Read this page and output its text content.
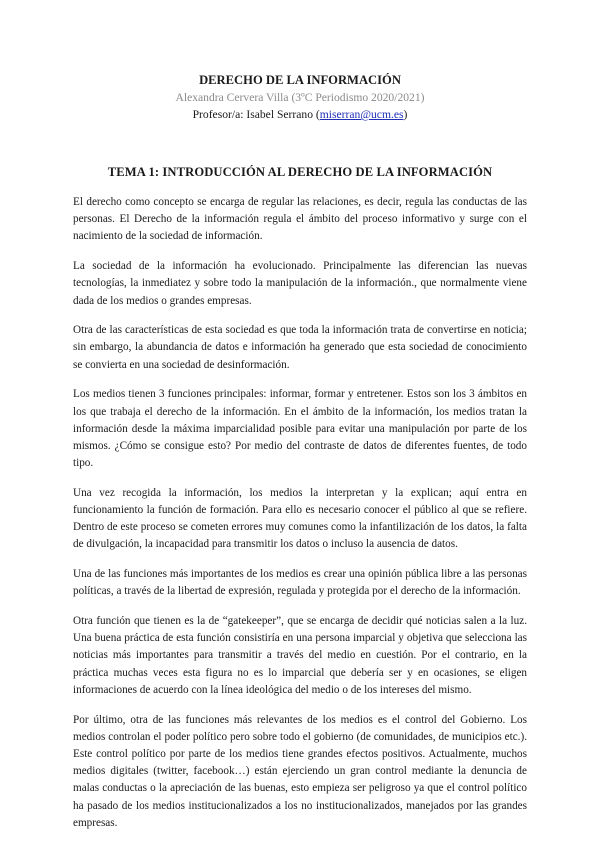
DERECHO DE LA INFORMACIÓN

Alexandra Cervera Villa (3ºC Periodismo 2020/2021)

Profesor/a: Isabel Serrano (miserran@ucm.es)

TEMA 1: INTRODUCCIÓN AL DERECHO DE LA INFORMACIÓN

El derecho como concepto se encarga de regular las relaciones, es decir, regula las conductas de las personas. El Derecho de la información regula el ámbito del proceso informativo y surge con el nacimiento de la sociedad de información.

La sociedad de la información ha evolucionado. Principalmente las diferencian las nuevas tecnologías, la inmediatez y sobre todo la manipulación de la información., que normalmente viene dada de los medios o grandes empresas.

Otra de las características de esta sociedad es que toda la información trata de convertirse en noticia; sin embargo, la abundancia de datos e información ha generado que esta sociedad de conocimiento se convierta en una sociedad de desinformación.

Los medios tienen 3 funciones principales: informar, formar y entretener. Estos son los 3 ámbitos en los que trabaja el derecho de la información. En el ámbito de la información, los medios tratan la información desde la máxima imparcialidad posible para evitar una manipulación por parte de los mismos. ¿Cómo se consigue esto? Por medio del contraste de datos de diferentes fuentes, de todo tipo.

Una vez recogida la información, los medios la interpretan y la explican; aquí entra en funcionamiento la función de formación. Para ello es necesario conocer el público al que se refiere. Dentro de este proceso se cometen errores muy comunes como la infantilización de los datos, la falta de divulgación, la incapacidad para transmitir los datos o incluso la ausencia de datos.

Una de las funciones más importantes de los medios es crear una opinión pública libre a las personas políticas, a través de la libertad de expresión, regulada y protegida por el derecho de la información.

Otra función que tienen es la de “gatekeeper”, que se encarga de decidir qué noticias salen a la luz. Una buena práctica de esta función consistiría en una persona imparcial y objetiva que selecciona las noticias más importantes para transmitir a través del medio en cuestión. Por el contrario, en la práctica muchas veces esta figura no es lo imparcial que debería ser y en ocasiones, se eligen informaciones de acuerdo con la línea ideológica del medio o de los intereses del mismo.

Por último, otra de las funciones más relevantes de los medios es el control del Gobierno. Los medios controlan el poder político pero sobre todo el gobierno (de comunidades, de municipios etc.). Este control político por parte de los medios tiene grandes efectos positivos. Actualmente, muchos medios digitales (twitter, facebook…) están ejerciendo un gran control mediante la denuncia de malas conductas o la apreciación de las buenas, esto empieza ser peligroso ya que el control político ha pasado de los medios institucionalizados a los no institucionalizados, manejados por las grandes empresas.
